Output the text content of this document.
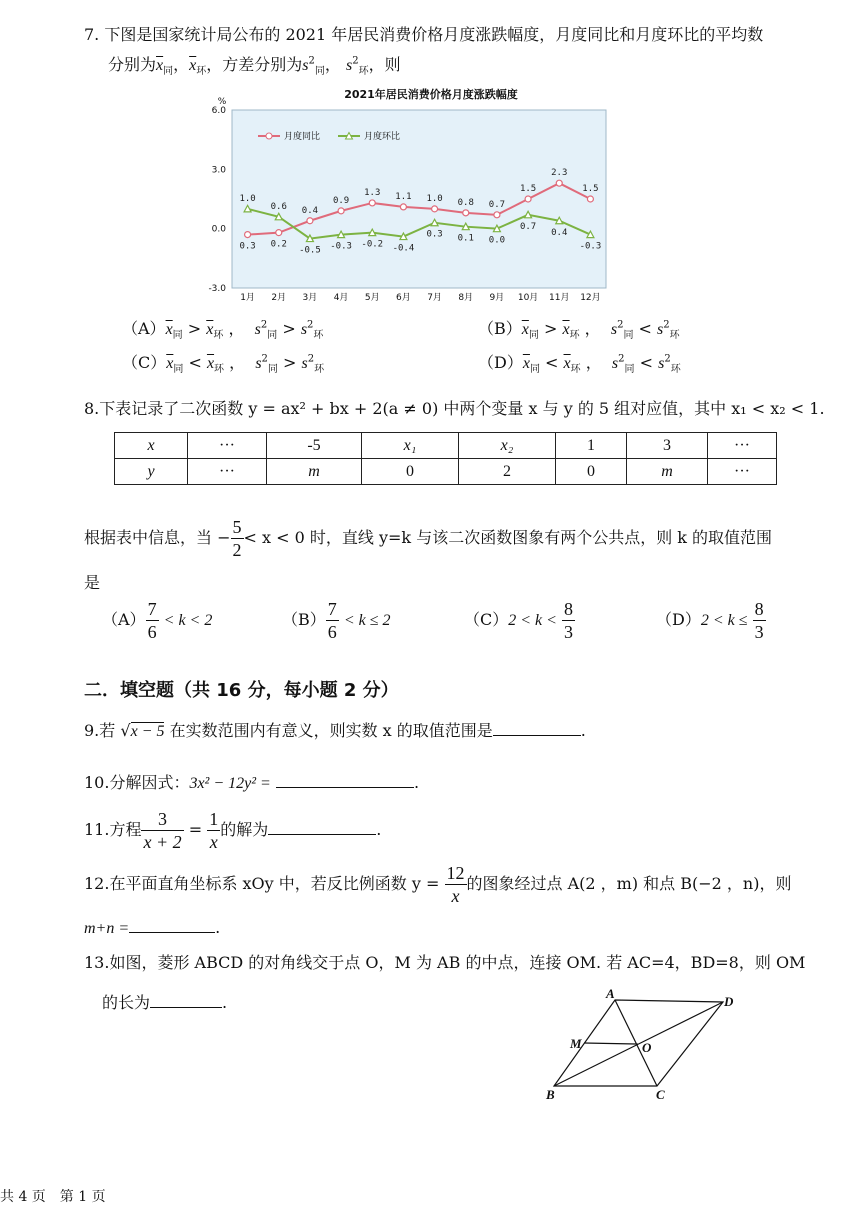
7. 下图是国家统计局公布的 2021 年居民消费价格月度涨跌幅度，月度同比和月度环比的平均数
分别为$\overline{x}_同$，$\overline{x}_环$，方差分别为$s^2_同$， $s^2_环$，则
2021年居民消费价格月度涨跌幅度
%
6.0
3.0
0.0
-3.0
1月 2月 3月 4月 5月 6月 7月 8月 9月 10月 11月 12月
0.3 0.2
0.4
0.9
1.3 1.1 1.0 0.8 0.7
1.5
2.3
1.5
1.0
0.6
-0.5 -0.3 -0.2 -0.4
0.3 0.1 0.0
0.7
0.4
-0.3
月度同比	月度环比
$(A)\overline{x}_同 > \overline{x}_环$ ，  $s^2_同 > s^2_环$	$(B)\overline{x}_同 > \overline{x}_环$ ，  $s^2_同 < s^2_环$
$(C)\overline{x}_同 < \overline{x}_环$ ，  $s^2_同 > s^2_环$	$(D)\overline{x}_同 < \overline{x}_环$ ，  $s^2_同 < s^2_环$
8.下表记录了二次函数 y = ax² + bx + 2(a ≠ 0) 中两个变量 x 与 y 的 5 组对应值，其中 x₁ < x₂ < 1.
x	···	-5	x₁	x₂	1	3	···
y	···	m	0	2	0	m	···
根据表中信息，当 − $\frac{5}{2} < x < 0$ 时，直线 y=k 与该二次函数图象有两个公共点，则 k 的取值范围
是
$(A) \frac{7}{6} < k < 2$	$(B) \frac{7}{6} < k \le 2$	$(C)2 < k < \frac{8}{3}$	$(D)2 < k \le \frac{8}{3}$
二．填空题（共 16 分，每小题 2 分）
9.若 √x − 5 在实数范围内有意义，则实数 x 的取值范围是	.
10.分解因式：3x² − 12y² =	.
11.方程 $\frac{3}{x + 2} = \frac{1}{x}$ 的解为	.
12.在平面直角坐标系 xOy 中，若反比例函数 $y = \frac{12}{x}$ 的图象经过点 A(2 ，m) 和点 B(−2 ，n)，则
m+n =	.
13.如图，菱形 ABCD 的对角线交于点 O，M 为 AB 的中点，连接 OM. 若 AC=4，BD=8，则 OM
的长为	.	A
D
M	O
B	C
共 4 页　第 1 页
